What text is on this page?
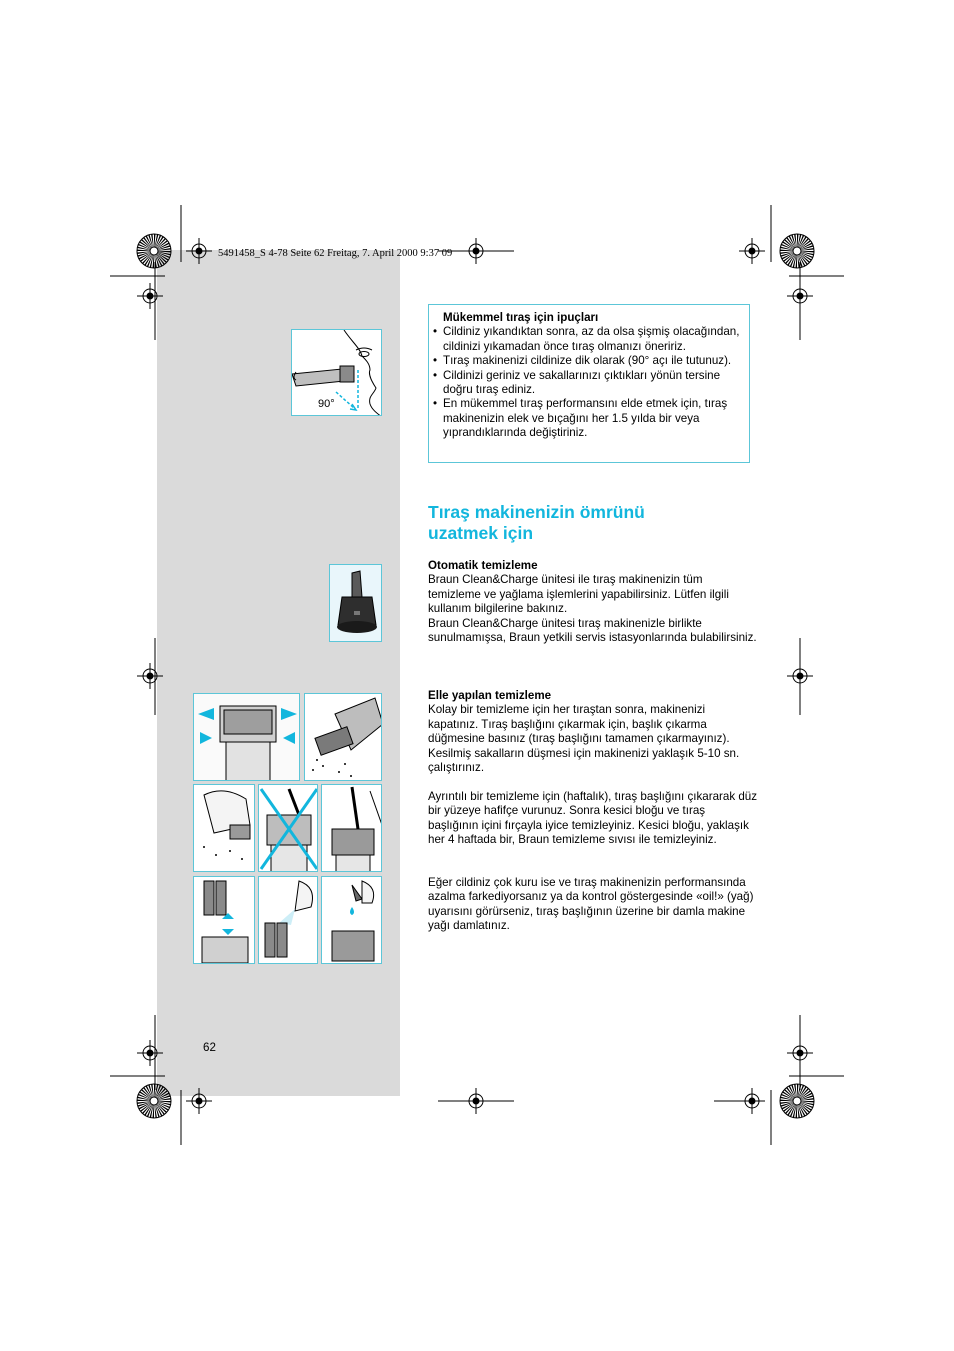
5491458_S 4-78 Seite 62 Freitag, 7. April 2000 9:37 09
Mükemmel tıraş için ipuçları
• Cildiniz yıkandıktan sonra, az da olsa şişmiş olacağından, cildinizi yıkamadan önce tıraş olmanızı öneririz.
• Tıraş makinenizi cildinize dik olarak (90° açı ile tutunuz).
• Cildinizi geriniz ve sakallarınızı çıktıkları yönün tersine doğru tıraş ediniz.
• En mükemmel tıraş performansını elde etmek için, tıraş makinenizin elek ve bıçağını her 1.5 yılda bir veya yıprandıklarında değiştiriniz.
Tıraş makinenizin ömrünü
uzatmek için
Otomatik temizleme
Braun Clean&Charge ünitesi ile tıraş makinenizin tüm temizleme ve yağlama işlemlerini yapabilirsiniz. Lütfen ilgili kullanım bilgilerine bakınız.
Braun Clean&Charge ünitesi tıraş makinenizle birlikte sunulmamışsa, Braun yetkili servis istasyonlarında bulabilirsiniz.
Elle yapılan temizleme
Kolay bir temizleme için her tıraştan sonra, makinenizi kapatınız. Tıraş başlığını çıkarmak için, başlık çıkarma düğmesine basınız (tıraş başlığını tamamen çıkarmayınız). Kesilmiş sakalların düşmesi için makinenizi yaklaşık 5-10 sn. çalıştırınız.
Ayrıntılı bir temizleme için (haftalık), tıraş başlığını çıkararak düz bir yüzeye hafifçe vurunuz. Sonra kesici bloğu ve tıraş başlığının içini fırçayla iyice temizleyiniz. Kesici bloğu, yaklaşık her 4 haftada bir, Braun temizleme sıvısı ile temizleyiniz.
Eğer cildiniz çok kuru ise ve tıraş makinenizin performansında azalma farkediyorsanız ya da kontrol göstergesinde «oil!» (yağ) uyarısını görürseniz, tıraş başlığının üzerine bir damla makine yağı damlatınız.
62
90°
